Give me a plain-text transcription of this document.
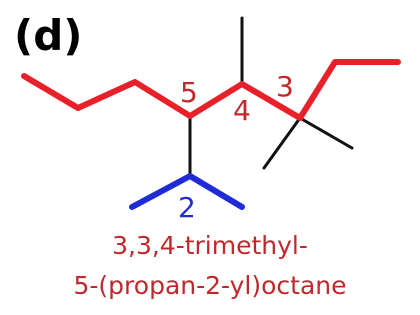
(d)
5
4
3
2
3,3,4-trimethyl-
5-(propan-2-yl)octane
